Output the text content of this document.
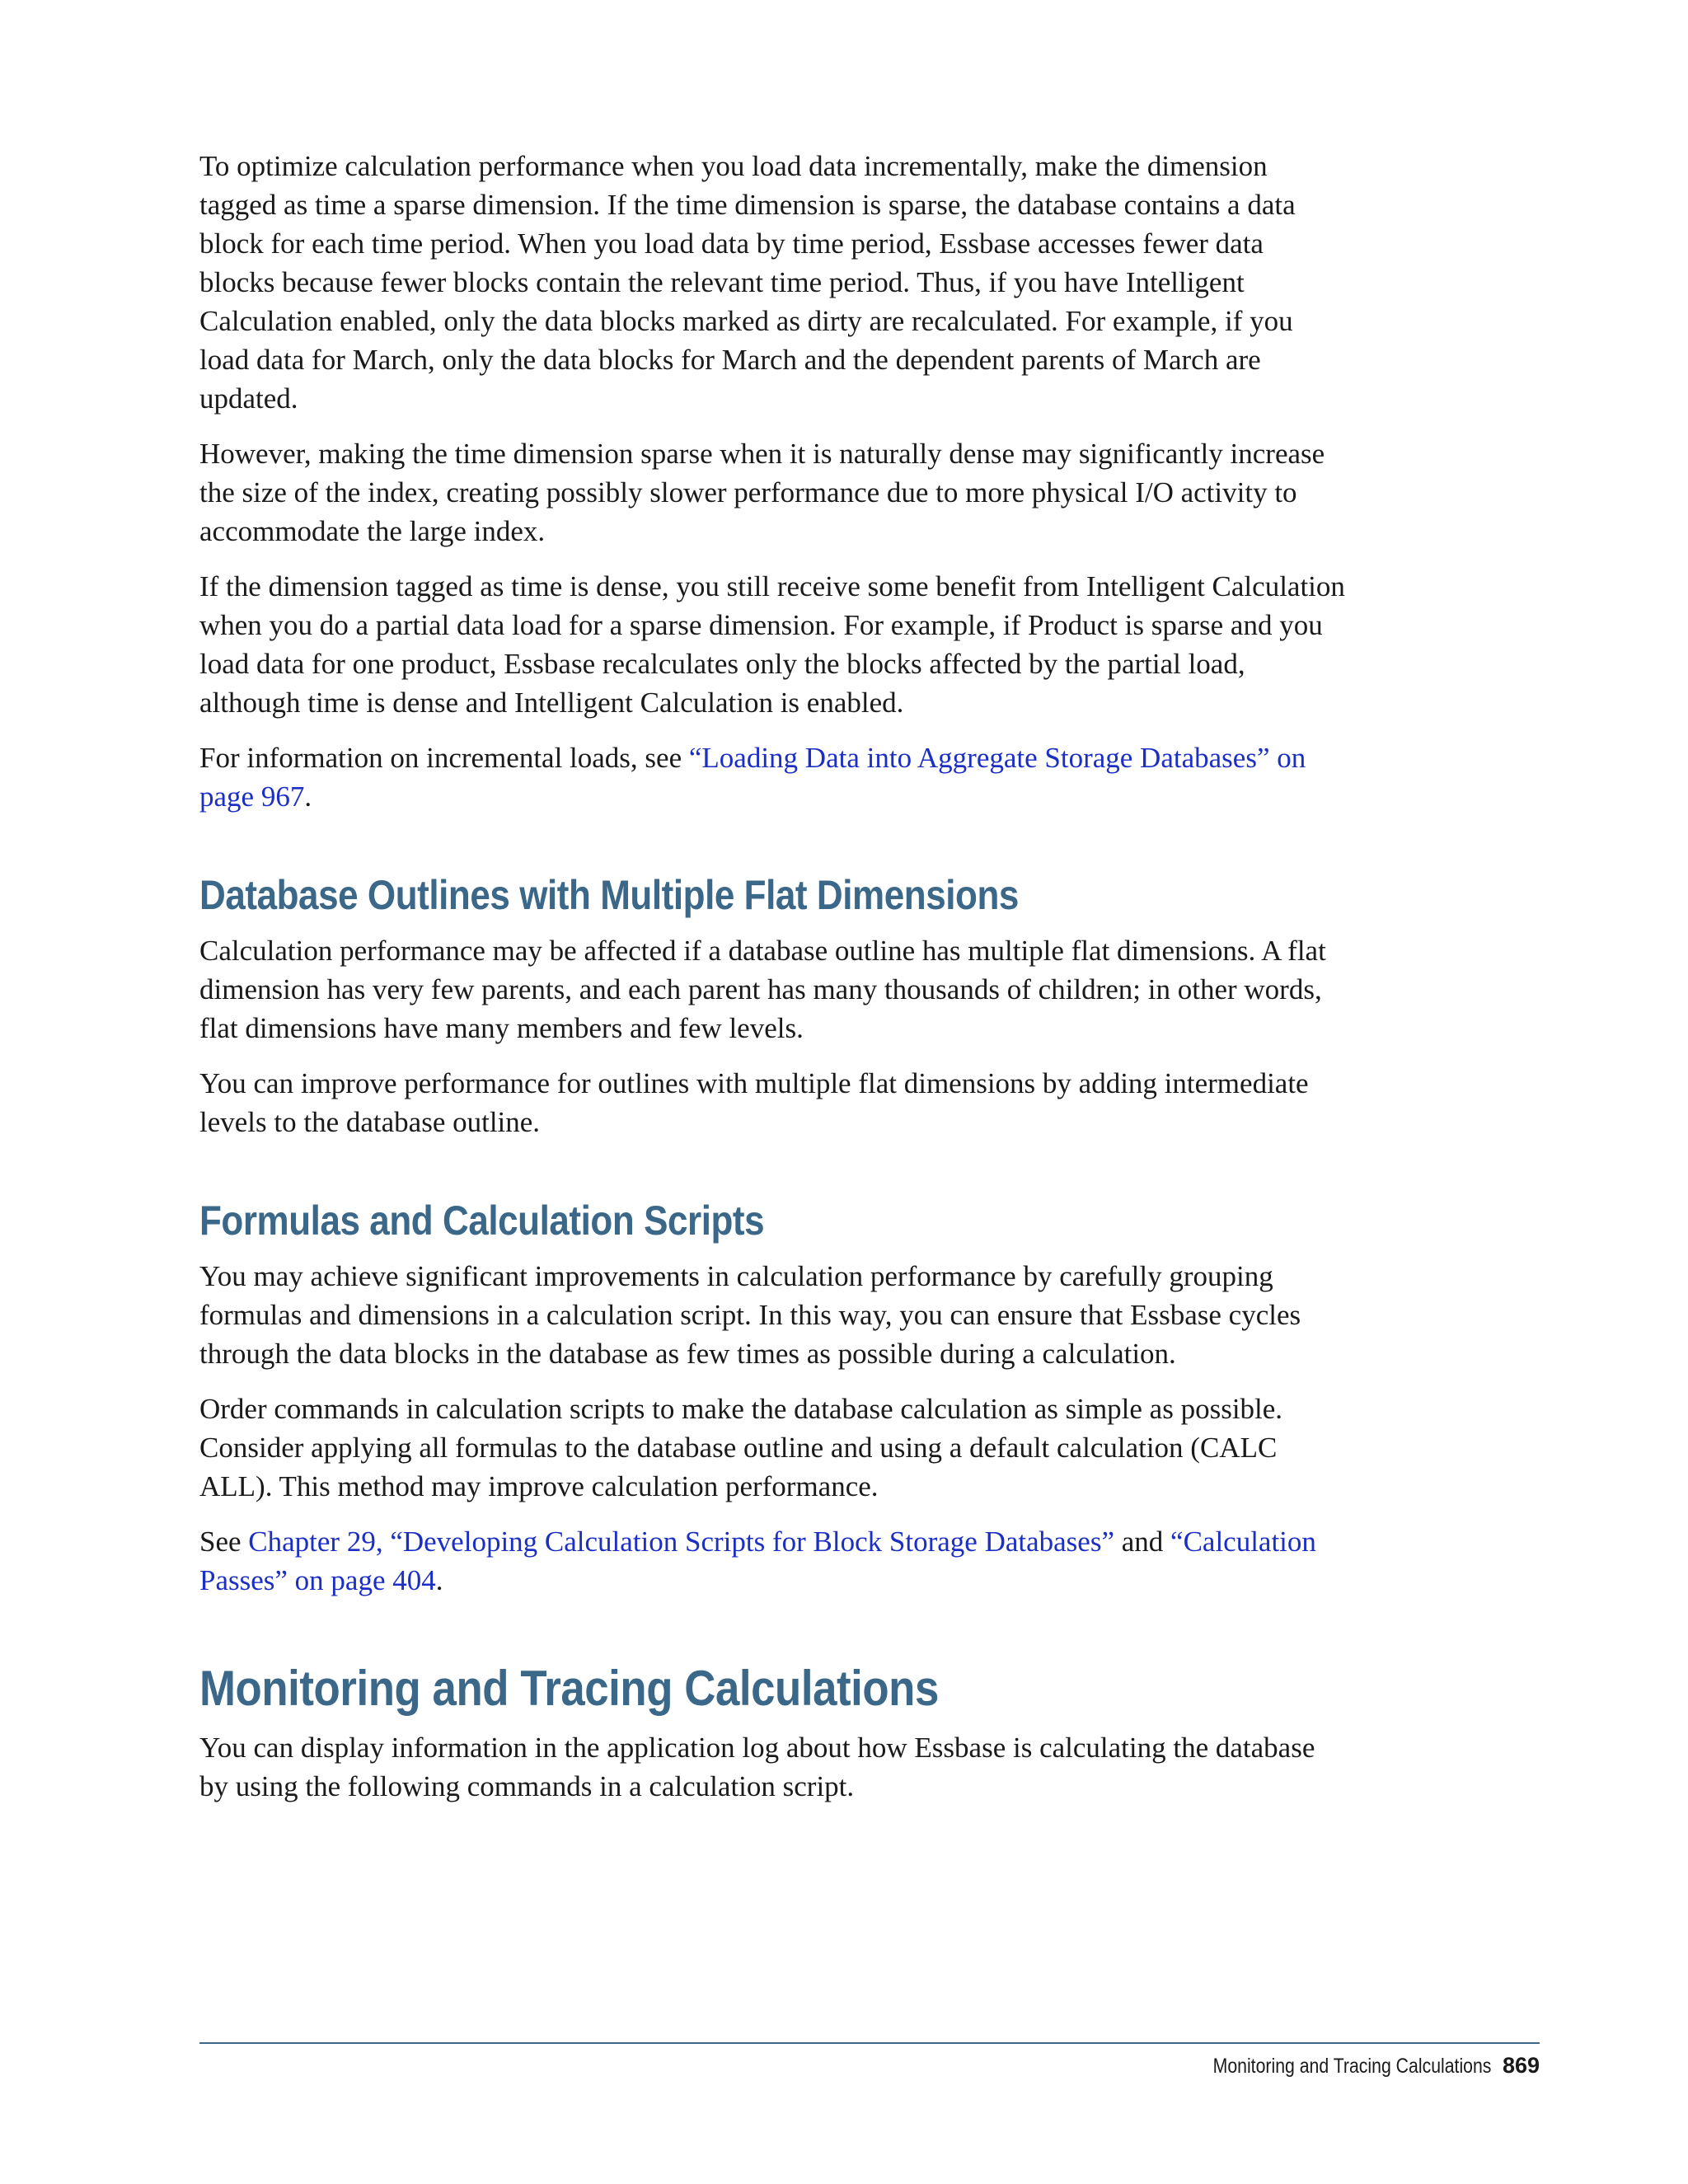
To optimize calculation performance when you load data incrementally, make the dimension tagged as time a sparse dimension. If the time dimension is sparse, the database contains a data block for each time period. When you load data by time period, Essbase accesses fewer data blocks because fewer blocks contain the relevant time period. Thus, if you have Intelligent Calculation enabled, only the data blocks marked as dirty are recalculated. For example, if you load data for March, only the data blocks for March and the dependent parents of March are updated.

However, making the time dimension sparse when it is naturally dense may significantly increase the size of the index, creating possibly slower performance due to more physical I/O activity to accommodate the large index.

If the dimension tagged as time is dense, you still receive some benefit from Intelligent Calculation when you do a partial data load for a sparse dimension. For example, if Product is sparse and you load data for one product, Essbase recalculates only the blocks affected by the partial load, although time is dense and Intelligent Calculation is enabled.

For information on incremental loads, see “Loading Data into Aggregate Storage Databases” on page 967.

Database Outlines with Multiple Flat Dimensions

Calculation performance may be affected if a database outline has multiple flat dimensions. A flat dimension has very few parents, and each parent has many thousands of children; in other words, flat dimensions have many members and few levels.

You can improve performance for outlines with multiple flat dimensions by adding intermediate levels to the database outline.

Formulas and Calculation Scripts

You may achieve significant improvements in calculation performance by carefully grouping formulas and dimensions in a calculation script. In this way, you can ensure that Essbase cycles through the data blocks in the database as few times as possible during a calculation.

Order commands in calculation scripts to make the database calculation as simple as possible. Consider applying all formulas to the database outline and using a default calculation (CALC ALL). This method may improve calculation performance.

See Chapter 29, “Developing Calculation Scripts for Block Storage Databases” and “Calculation Passes” on page 404.

Monitoring and Tracing Calculations

You can display information in the application log about how Essbase is calculating the database by using the following commands in a calculation script.

Monitoring and Tracing Calculations 869
